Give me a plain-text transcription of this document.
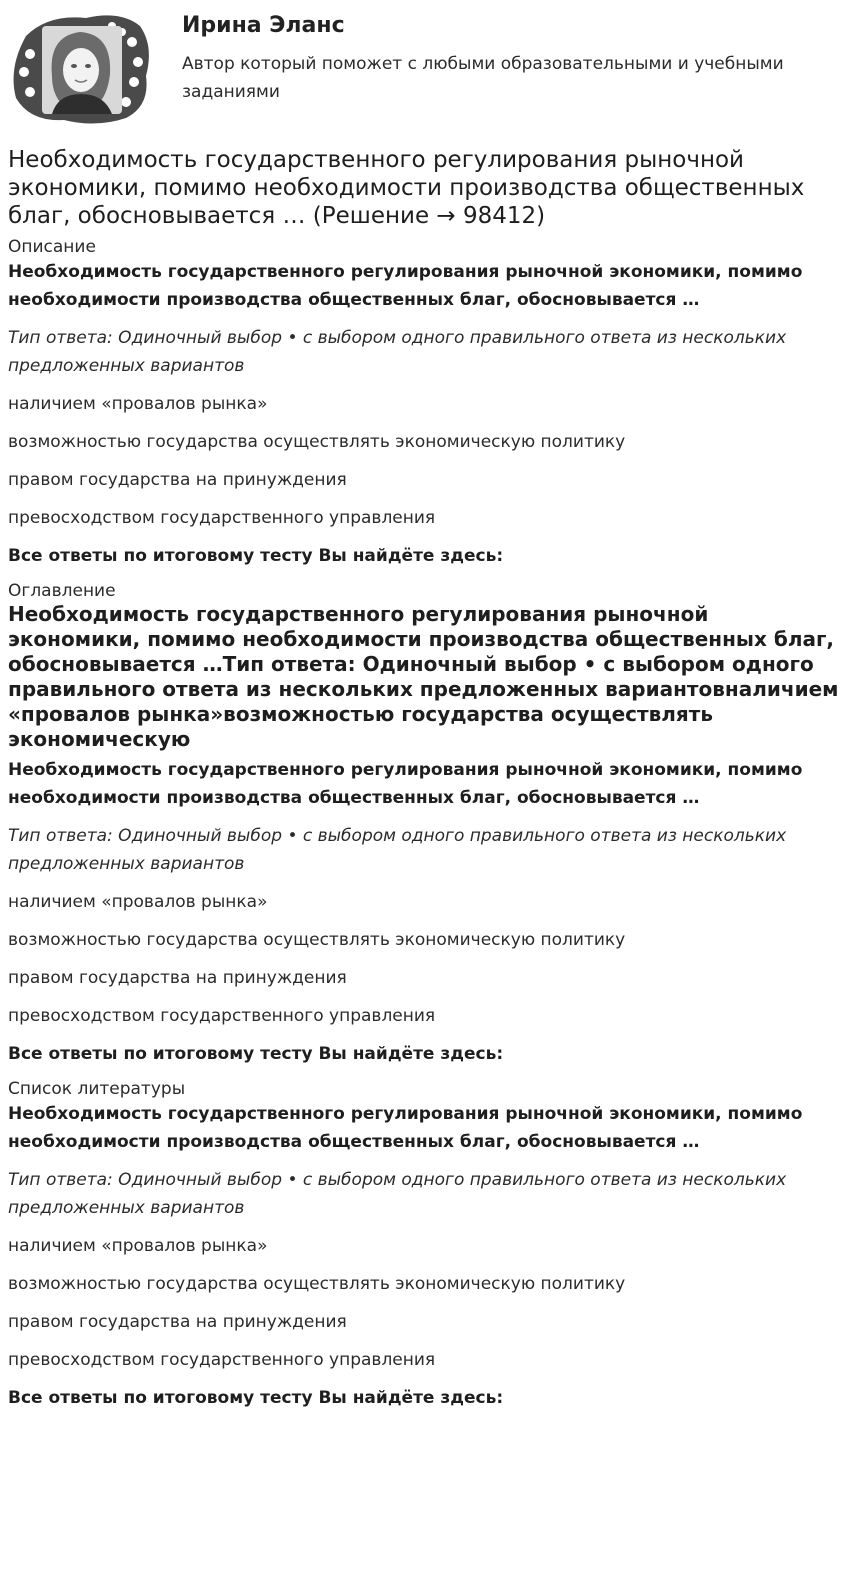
Ирина Эланс

Автор который поможет с любыми образовательными и учебными заданиями

Необходимость государственного регулирования рыночной экономики, помимо необходимости производства общественных благ, обосновывается … (Решение → 98412)
Описание

Необходимость государственного регулирования рыночной экономики, помимо необходимости производства общественных благ, обосновывается …

Тип ответа: Одиночный выбор • с выбором одного правильного ответа из нескольких предложенных вариантов

наличием «провалов рынка»

возможностью государства осуществлять экономическую политику

правом государства на принуждения

превосходством государственного управления

Все ответы по итоговому тесту Вы найдёте здесь:

Оглавление
Необходимость государственного регулирования рыночной экономики, помимо необходимости производства общественных благ, обосновывается …Тип ответа: Одиночный выбор • с выбором одного правильного ответа из нескольких предложенных вариантовналичием «провалов рынка»возможностью государства осуществлять экономическую

Необходимость государственного регулирования рыночной экономики, помимо необходимости производства общественных благ, обосновывается …

Тип ответа: Одиночный выбор • с выбором одного правильного ответа из нескольких предложенных вариантов

наличием «провалов рынка»

возможностью государства осуществлять экономическую политику

правом государства на принуждения

превосходством государственного управления

Все ответы по итоговому тесту Вы найдёте здесь:

Список литературы

Необходимость государственного регулирования рыночной экономики, помимо необходимости производства общественных благ, обосновывается …

Тип ответа: Одиночный выбор • с выбором одного правильного ответа из нескольких предложенных вариантов

наличием «провалов рынка»

возможностью государства осуществлять экономическую политику

правом государства на принуждения

превосходством государственного управления

Все ответы по итоговому тесту Вы найдёте здесь:
